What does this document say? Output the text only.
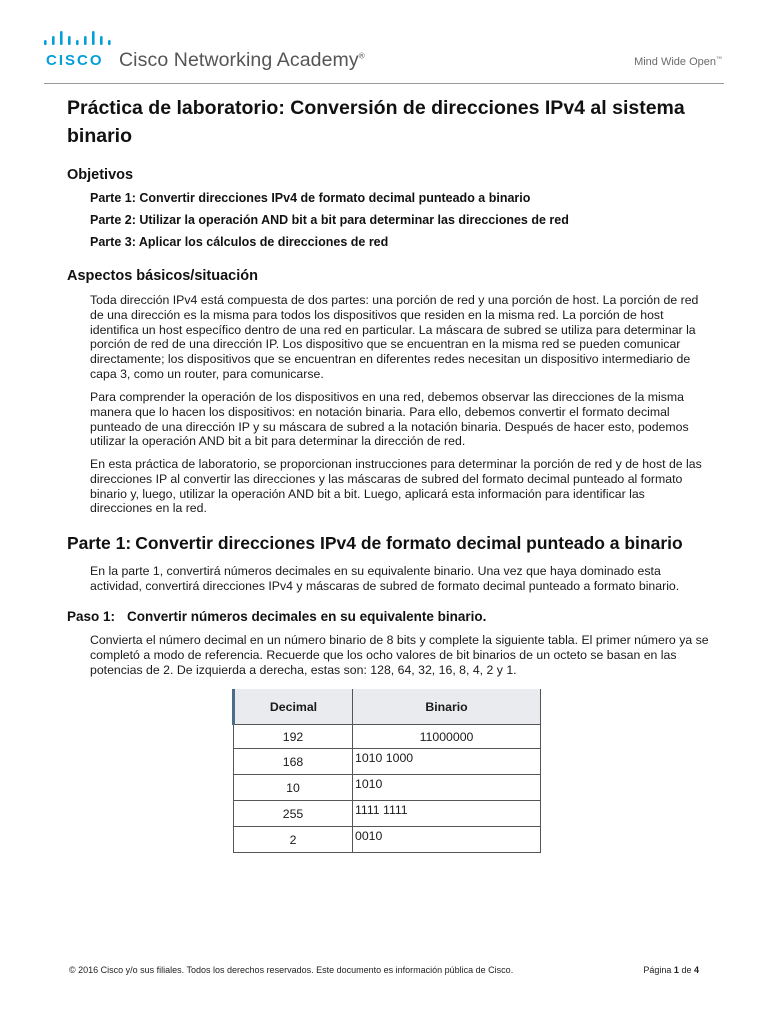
CISCO Cisco Networking Academy®	Mind Wide Open™
Práctica de laboratorio: Conversión de direcciones IPv4 al sistema binario
Objetivos
Parte 1: Convertir direcciones IPv4 de formato decimal punteado a binario
Parte 2: Utilizar la operación AND bit a bit para determinar las direcciones de red
Parte 3: Aplicar los cálculos de direcciones de red
Aspectos básicos/situación
Toda dirección IPv4 está compuesta de dos partes: una porción de red y una porción de host. La porción de red de una dirección es la misma para todos los dispositivos que residen en la misma red. La porción de host identifica un host específico dentro de una red en particular. La máscara de subred se utiliza para determinar la porción de red de una dirección IP. Los dispositivo que se encuentran en la misma red se pueden comunicar directamente; los dispositivos que se encuentran en diferentes redes necesitan un dispositivo intermediario de capa 3, como un router, para comunicarse.
Para comprender la operación de los dispositivos en una red, debemos observar las direcciones de la misma manera que lo hacen los dispositivos: en notación binaria. Para ello, debemos convertir el formato decimal punteado de una dirección IP y su máscara de subred a la notación binaria. Después de hacer esto, podemos utilizar la operación AND bit a bit para determinar la dirección de red.
En esta práctica de laboratorio, se proporcionan instrucciones para determinar la porción de red y de host de las direcciones IP al convertir las direcciones y las máscaras de subred del formato decimal punteado al formato binario y, luego, utilizar la operación AND bit a bit. Luego, aplicará esta información para identificar las direcciones en la red.
Parte 1: Convertir direcciones IPv4 de formato decimal punteado a binario
En la parte 1, convertirá números decimales en su equivalente binario. Una vez que haya dominado esta actividad, convertirá direcciones IPv4 y máscaras de subred de formato decimal punteado a formato binario.
Paso 1: Convertir números decimales en su equivalente binario.
Convierta el número decimal en un número binario de 8 bits y complete la siguiente tabla. El primer número ya se completó a modo de referencia. Recuerde que los ocho valores de bit binarios de un octeto se basan en las potencias de 2. De izquierda a derecha, estas son: 128, 64, 32, 16, 8, 4, 2 y 1.
Decimal	Binario
192	11000000
168	1010 1000
10	1010
255	1111 1111
2	0010
© 2016 Cisco y/o sus filiales. Todos los derechos reservados. Este documento es información pública de Cisco.	Página 1 de 4
